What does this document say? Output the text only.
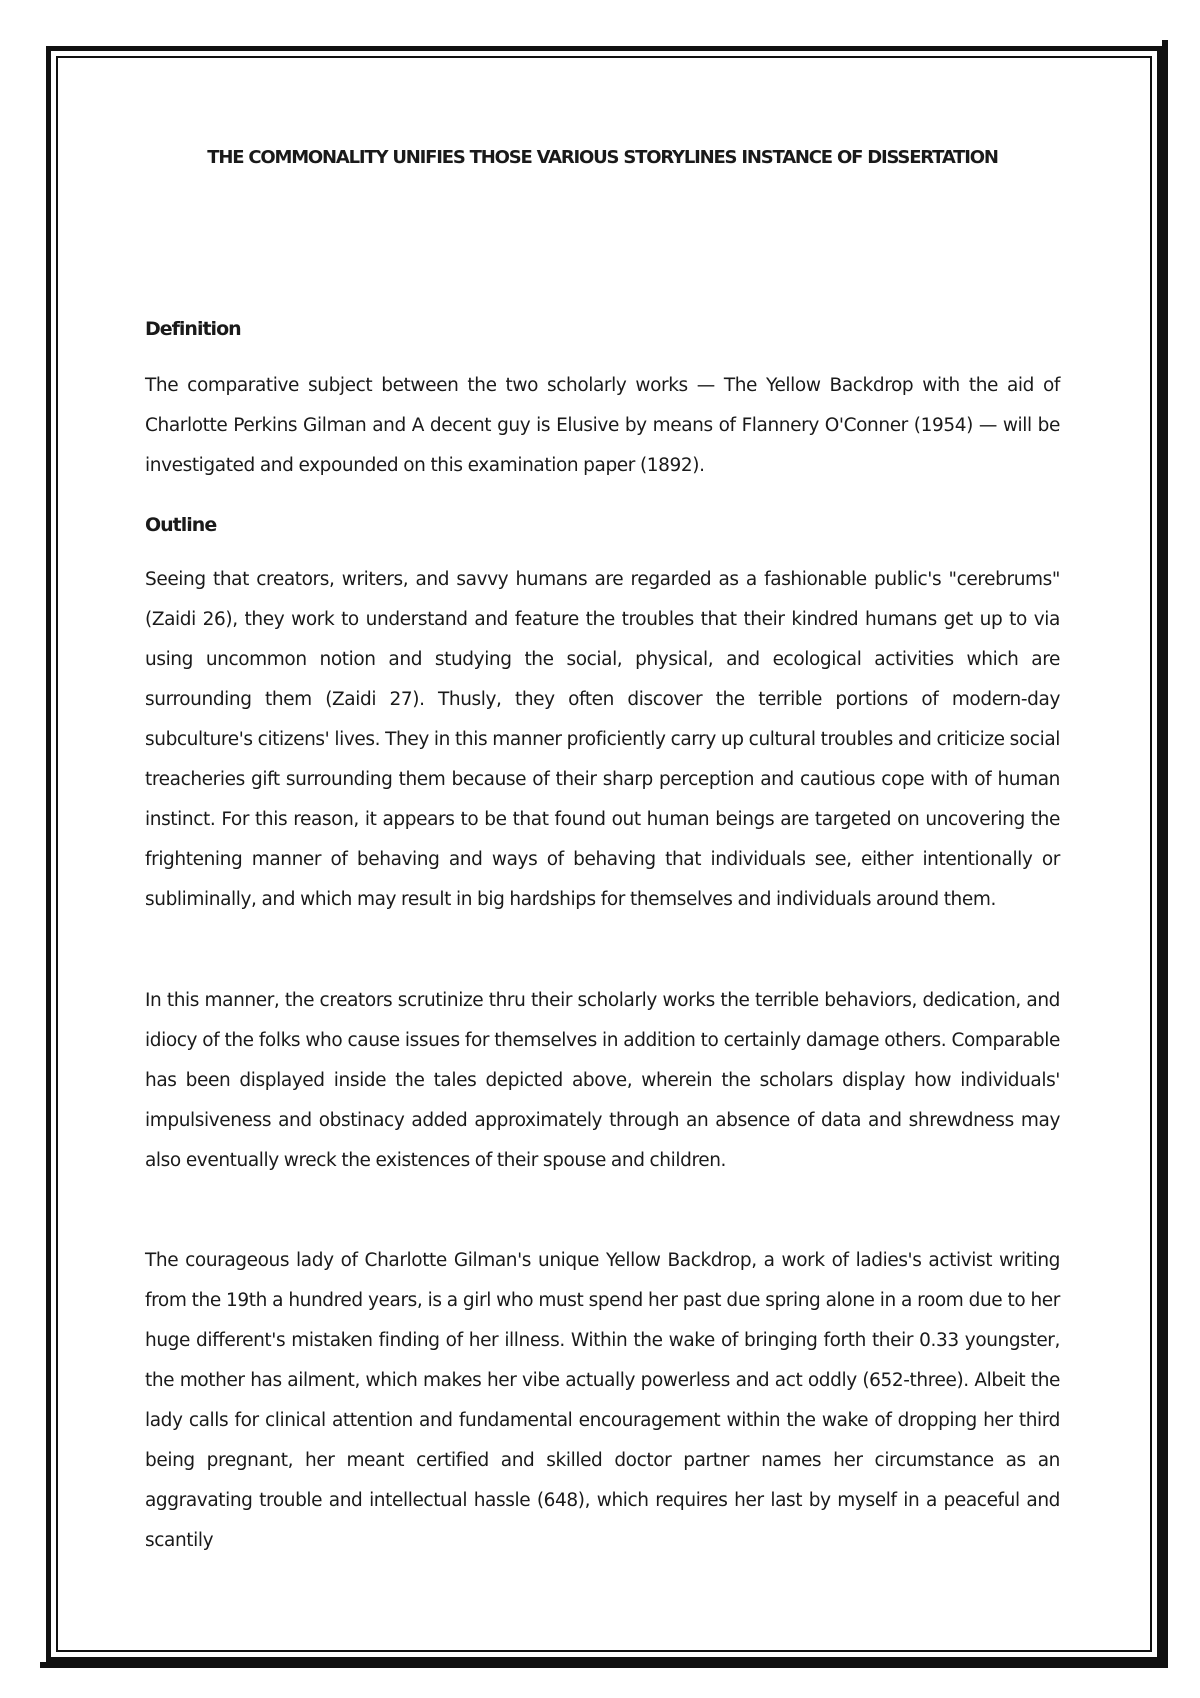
THE COMMONALITY UNIFIES THOSE VARIOUS STORYLINES INSTANCE OF DISSERTATION
Definition
The comparative subject between the two scholarly works — The Yellow Backdrop with the aid of Charlotte Perkins Gilman and A decent guy is Elusive by means of Flannery O'Conner (1954) — will be investigated and expounded on this examination paper (1892).
Outline
Seeing that creators, writers, and savvy humans are regarded as a fashionable public's "cerebrums" (Zaidi 26), they work to understand and feature the troubles that their kindred humans get up to via using uncommon notion and studying the social, physical, and ecological activities which are surrounding them (Zaidi 27). Thusly, they often discover the terrible portions of modern-day subculture's citizens' lives. They in this manner proficiently carry up cultural troubles and criticize social treacheries gift surrounding them because of their sharp perception and cautious cope with of human instinct. For this reason, it appears to be that found out human beings are targeted on uncovering the frightening manner of behaving and ways of behaving that individuals see, either intentionally or subliminally, and which may result in big hardships for themselves and individuals around them.
In this manner, the creators scrutinize thru their scholarly works the terrible behaviors, dedication, and idiocy of the folks who cause issues for themselves in addition to certainly damage others. Comparable has been displayed inside the tales depicted above, wherein the scholars display how individuals' impulsiveness and obstinacy added approximately through an absence of data and shrewdness may also eventually wreck the existences of their spouse and children.
The courageous lady of Charlotte Gilman's unique Yellow Backdrop, a work of ladies's activist writing from the 19th a hundred years, is a girl who must spend her past due spring alone in a room due to her huge different's mistaken finding of her illness. Within the wake of bringing forth their 0.33 youngster, the mother has ailment, which makes her vibe actually powerless and act oddly (652-three). Albeit the lady calls for clinical attention and fundamental encouragement within the wake of dropping her third being pregnant, her meant certified and skilled doctor partner names her circumstance as an aggravating trouble and intellectual hassle (648), which requires her last by myself in a peaceful and scantily
